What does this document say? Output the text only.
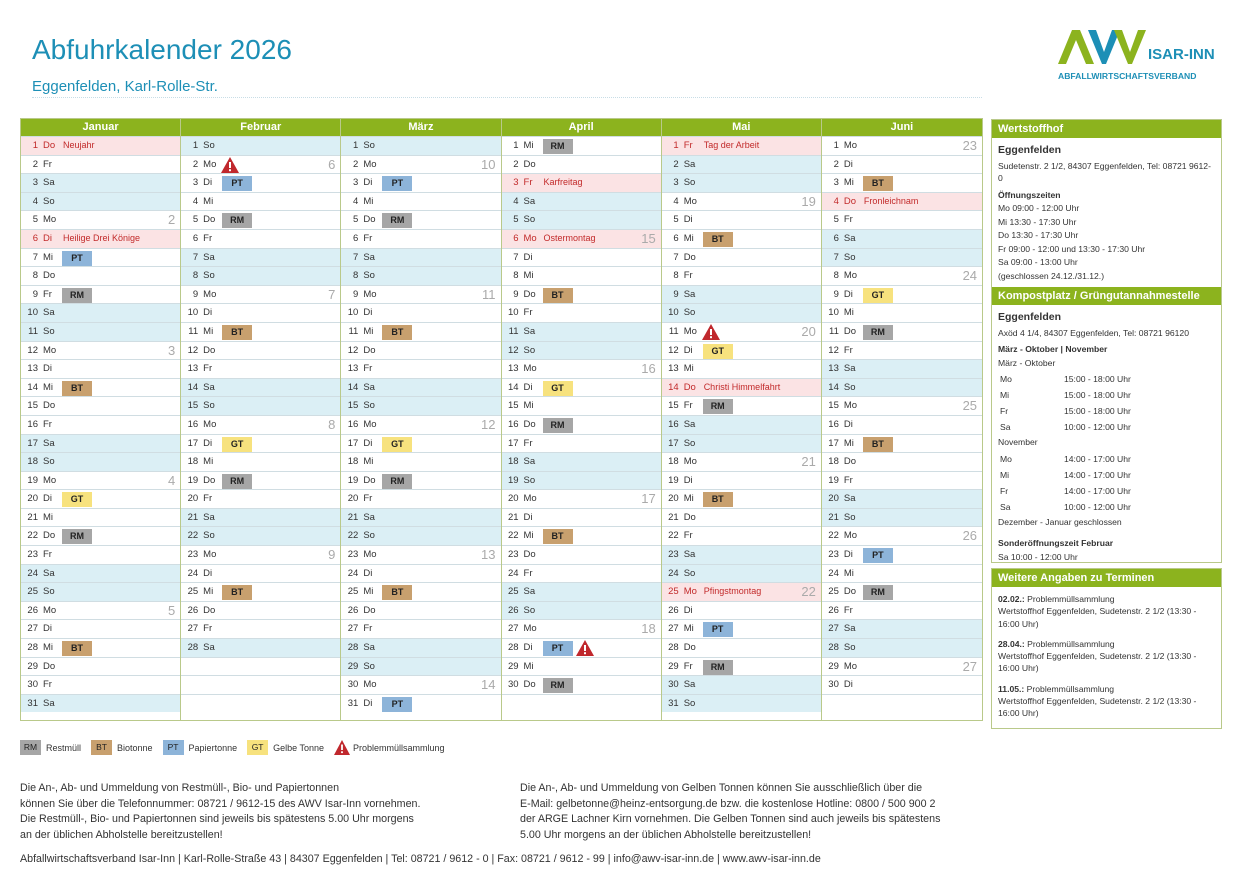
Abfuhrkalender 2026
Eggenfelden, Karl-Rolle-Str.
ISAR-INN
ABFALLWIRTSCHAFTSVERBAND
Januar
1 Do Neujahr
2 Fr
3 Sa
4 So
5 Mo	2
6 Di Heilige Drei Könige
7 Mi	PT
8 Do
9 Fr	RM
10 Sa
11 So
12 Mo	3
13 Di
14 Mi	BT
15 Do
16 Fr
17 Sa
18 So
19 Mo	4
20 Di	GT
21 Mi
22 Do	RM
23 Fr
24 Sa
25 So
26 Mo	5
27 Di
28 Mi	BT
29 Do
30 Fr
31 Sa
Februar
1 So
2 Mo	6
3 Di	PT
4 Mi
5 Do	RM
6 Fr
7 Sa
8 So
9 Mo	7
10 Di
11 Mi	BT
12 Do
13 Fr
14 Sa
15 So
16 Mo	8
17 Di	GT
18 Mi
19 Do	RM
20 Fr
21 Sa
22 So
23 Mo	9
24 Di
25 Mi	BT
26 Do
27 Fr
28 Sa
März
1 So
2 Mo	10
3 Di	PT
4 Mi
5 Do	RM
6 Fr
7 Sa
8 So
9 Mo	11
10 Di
11 Mi	BT
12 Do
13 Fr
14 Sa
15 So
16 Mo	12
17 Di	GT
18 Mi
19 Do	RM
20 Fr
21 Sa
22 So
23 Mo	13
24 Di
25 Mi	BT
26 Do
27 Fr
28 Sa
29 So
30 Mo	14
31 Di	PT
April
1 Mi	RM
2 Do
3 Fr Karfreitag
4 Sa
5 So
6 Mo Ostermontag	15
7 Di
8 Mi
9 Do	BT
10 Fr
11 Sa
12 So
13 Mo	16
14 Di	GT
15 Mi
16 Do	RM
17 Fr
18 Sa
19 So
20 Mo	17
21 Di
22 Mi	BT
23 Do
24 Fr
25 Sa
26 So
27 Mo	18
28 Di	PT
29 Mi
30 Do	RM
Mai
1 Fr Tag der Arbeit
2 Sa
3 So
4 Mo	19
5 Di
6 Mi	BT
7 Do
8 Fr
9 Sa
10 So
11 Mo	20
12 Di	GT
13 Mi
14 Do Christi Himmelfahrt
15 Fr	RM
16 Sa
17 So
18 Mo	21
19 Di
20 Mi	BT
21 Do
22 Fr
23 Sa
24 So
25 Mo Pfingstmontag	22
26 Di
27 Mi	PT
28 Do
29 Fr	RM
30 Sa
31 So
Juni
1 Mo	23
2 Di
3 Mi	BT
4 Do Fronleichnam
5 Fr
6 Sa
7 So
8 Mo	24
9 Di	GT
10 Mi
11 Do	RM
12 Fr
13 Sa
14 So
15 Mo	25
16 Di
17 Mi	BT
18 Do
19 Fr
20 Sa
21 So
22 Mo	26
23 Di	PT
24 Mi
25 Do	RM
26 Fr
27 Sa
28 So
29 Mo	27
30 Di
Wertstoffhof
Eggenfelden
Sudetenstr. 2 1/2, 84307 Eggenfelden, Tel: 08721 9612-0
Öffnungszeiten
Mo 09:00 - 12:00 Uhr
Mi 13:30 - 17:30 Uhr
Do 13:30 - 17:30 Uhr
Fr 09:00 - 12:00 und 13:30 - 17:30 Uhr
Sa 09:00 - 13:00 Uhr
(geschlossen 24.12./31.12.)
Kompostplatz / Grüngutannahmestelle
Eggenfelden
Axöd 4 1/4, 84307 Eggenfelden, Tel: 08721 96120
März - Oktober | November
März - Oktober
Mo	15:00 - 18:00 Uhr
Mi	15:00 - 18:00 Uhr
Fr	15:00 - 18:00 Uhr
Sa	10:00 - 12:00 Uhr
November
Mo	14:00 - 17:00 Uhr
Mi	14:00 - 17:00 Uhr
Fr	14:00 - 17:00 Uhr
Sa	10:00 - 12:00 Uhr
Dezember - Januar geschlossen
Sonderöffnungszeit Februar
Sa 10:00 - 12:00 Uhr
Weitere Angaben zu Terminen
02.02.: Problemmüllsammlung
Wertstoffhof Eggenfelden, Sudetenstr. 2 1/2 (13:30 - 16:00 Uhr)
28.04.: Problemmüllsammlung
Wertstoffhof Eggenfelden, Sudetenstr. 2 1/2 (13:30 - 16:00 Uhr)
11.05.: Problemmüllsammlung
Wertstoffhof Eggenfelden, Sudetenstr. 2 1/2 (13:30 - 16:00 Uhr)
RM Restmüll	BT	Biotonne	PT	Papiertonne	GT	Gelbe Tonne	Problemmüllsammlung
Die An-, Ab- und Ummeldung von Restmüll-, Bio- und Papiertonnen
können Sie über die Telefonnummer: 08721 / 9612-15 des AWV Isar-Inn vornehmen.
Die Restmüll-, Bio- und Papiertonnen sind jeweils bis spätestens 5.00 Uhr morgens
an der üblichen Abholstelle bereitzustellen!
Die An-, Ab- und Ummeldung von Gelben Tonnen können Sie ausschließlich über die
E-Mail: gelbetonne@heinz-entsorgung.de bzw. die kostenlose Hotline: 0800 / 500 900 2
der ARGE Lachner Kirn vornehmen. Die Gelben Tonnen sind auch jeweils bis spätestens
5.00 Uhr morgens an der üblichen Abholstelle bereitzustellen!
Abfallwirtschaftsverband Isar-Inn | Karl-Rolle-Straße 43 | 84307 Eggenfelden | Tel: 08721 / 9612 - 0 | Fax: 08721 / 9612 - 99 | info@awv-isar-inn.de | www.awv-isar-inn.de
